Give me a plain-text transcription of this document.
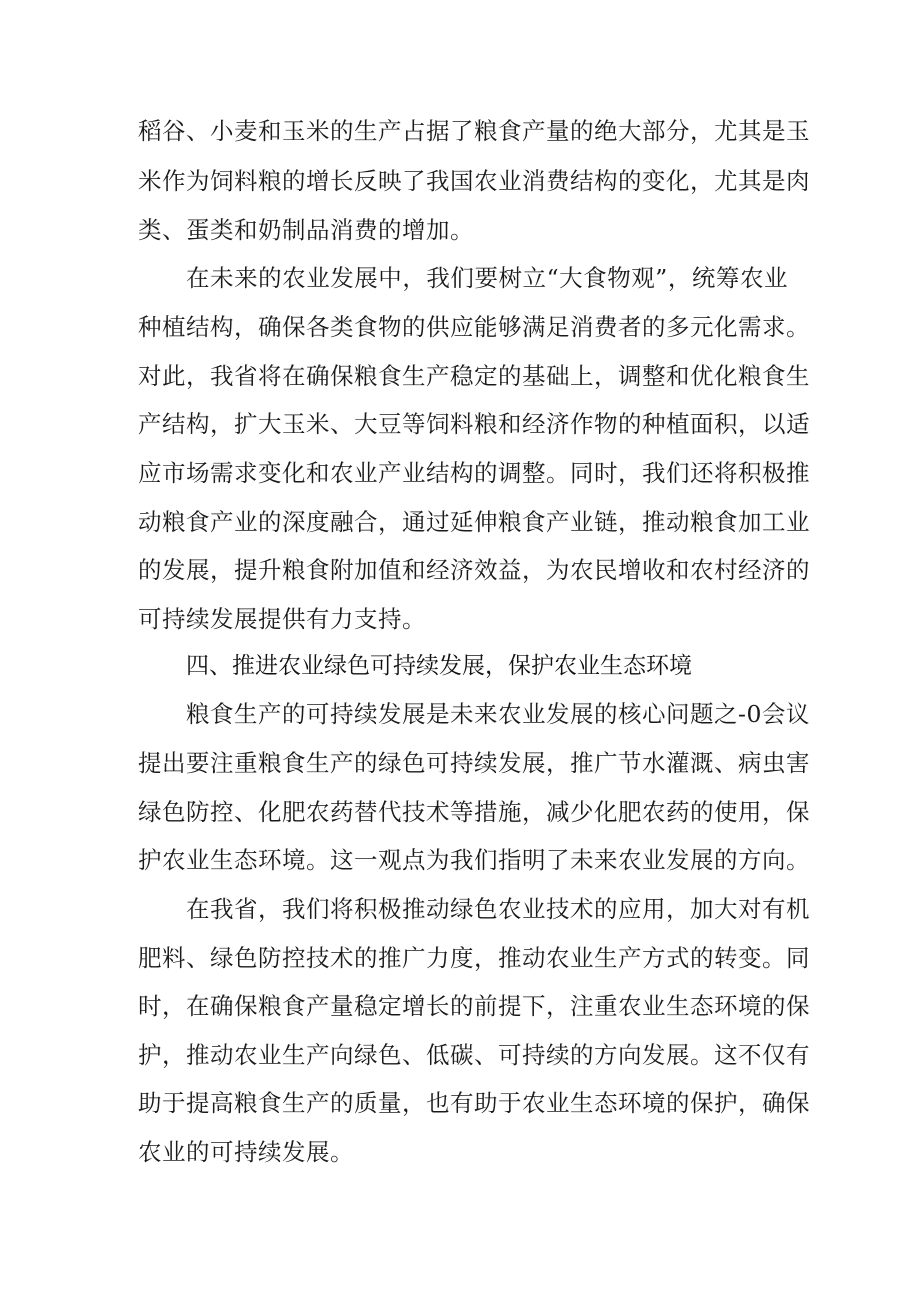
稻谷、小麦和玉米的生产占据了粮食产量的绝大部分，尤其是玉
米作为饲料粮的增长反映了我国农业消费结构的变化，尤其是肉
类、蛋类和奶制品消费的增加。
在未来的农业发展中，我们要树立“大食物观”，统筹农业
种植结构，确保各类食物的供应能够满足消费者的多元化需求。
对此，我省将在确保粮食生产稳定的基础上，调整和优化粮食生
产结构，扩大玉米、大豆等饲料粮和经济作物的种植面积，以适
应市场需求变化和农业产业结构的调整。同时，我们还将积极推
动粮食产业的深度融合，通过延伸粮食产业链，推动粮食加工业
的发展，提升粮食附加值和经济效益，为农民增收和农村经济的
可持续发展提供有力支持。
四、推进农业绿色可持续发展，保护农业生态环境
粮食生产的可持续发展是未来农业发展的核心问题之-0会议
提出要注重粮食生产的绿色可持续发展，推广节水灌溉、病虫害
绿色防控、化肥农药替代技术等措施，减少化肥农药的使用，保
护农业生态环境。这一观点为我们指明了未来农业发展的方向。
在我省，我们将积极推动绿色农业技术的应用，加大对有机
肥料、绿色防控技术的推广力度，推动农业生产方式的转变。同
时，在确保粮食产量稳定增长的前提下，注重农业生态环境的保
护，推动农业生产向绿色、低碳、可持续的方向发展。这不仅有
助于提高粮食生产的质量，也有助于农业生态环境的保护，确保
农业的可持续发展。
